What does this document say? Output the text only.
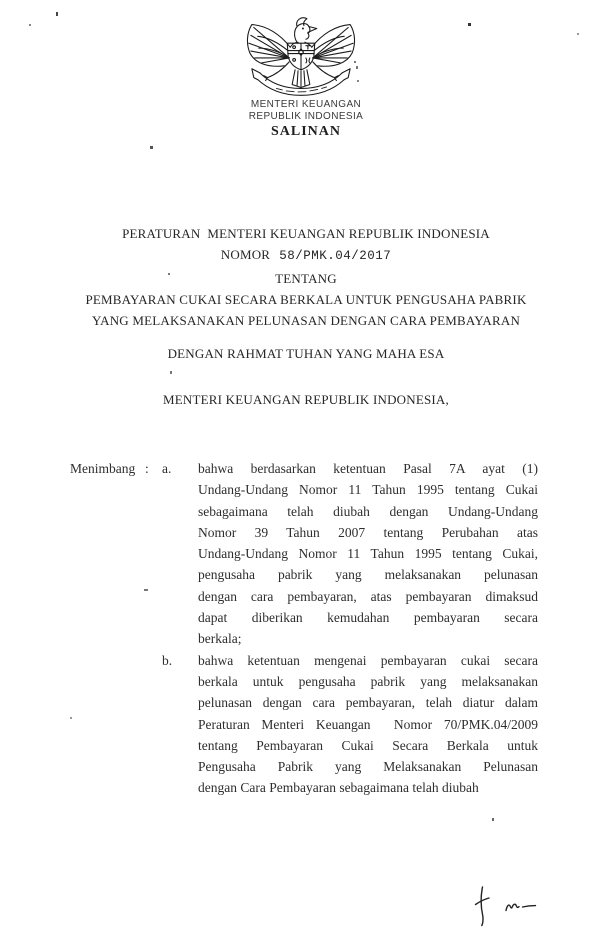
MENTERI KEUANGAN
REPUBLIK INDONESIA
SALINAN
PERATURAN  MENTERI KEUANGAN REPUBLIK INDONESIA
NOMOR 58/PMK.04/2017
TENTANG
PEMBAYARAN CUKAI SECARA BERKALA UNTUK PENGUSAHA PABRIK
YANG MELAKSANAKAN PELUNASAN DENGAN CARA PEMBAYARAN
DENGAN RAHMAT TUHAN YANG MAHA ESA
MENTERI KEUANGAN REPUBLIK INDONESIA,
Menimbang : a.	bahwa berdasarkan ketentuan Pasal 7A ayat (1)
Undang-Undang Nomor 11 Tahun 1995 tentang Cukai
sebagaimana telah diubah dengan Undang-Undang
Nomor 39 Tahun 2007 tentang Perubahan atas
Undang-Undang Nomor 11 Tahun 1995 tentang Cukai,
pengusaha pabrik yang melaksanakan pelunasan
dengan cara pembayaran, atas pembayaran dimaksud
dapat diberikan kemudahan pembayaran secara
berkala;
b.	bahwa ketentuan mengenai pembayaran cukai secara
berkala untuk pengusaha pabrik yang melaksanakan
pelunasan dengan cara pembayaran, telah diatur dalam
Peraturan Menteri Keuangan  Nomor 70/PMK.04/2009
tentang Pembayaran Cukai Secara Berkala untuk
Pengusaha Pabrik yang Melaksanakan Pelunasan
dengan Cara Pembayaran sebagaimana telah diubah
